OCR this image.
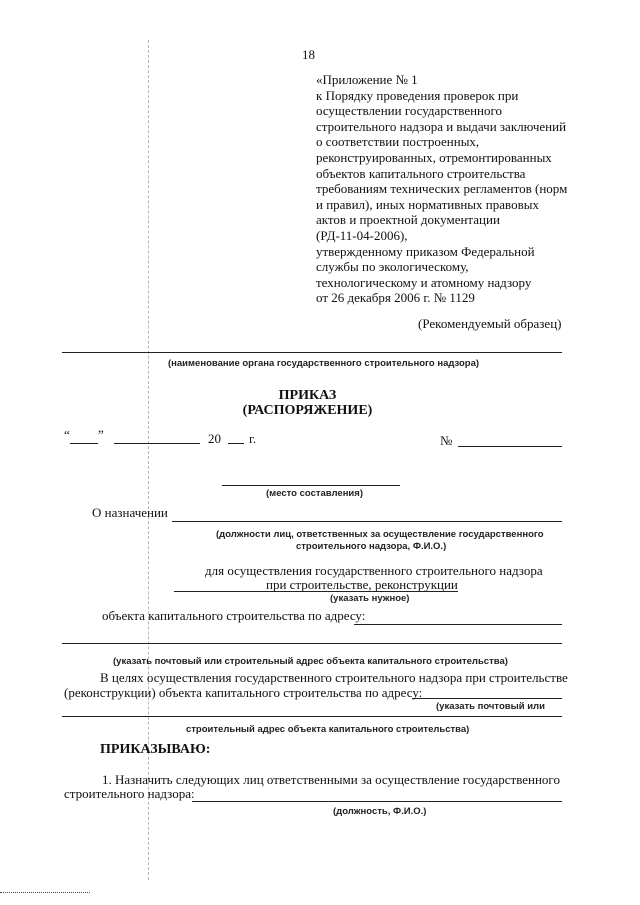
18
«Приложение № 1
к Порядку проведения проверок при
осуществлении государственного
строительного надзора и выдачи заключений
о соответствии построенных,
реконструированных, отремонтированных
объектов капитального строительства
требованиям технических регламентов (норм
и правил), иных нормативных правовых
актов и проектной документации
(РД-11-04-2006),
утвержденному приказом Федеральной
службы по экологическому,
технологическому и атомному надзору
от 26 декабря 2006 г. № 1129
(Рекомендуемый образец)
(наименование органа государственного строительного надзора)
ПРИКАЗ
(РАСПОРЯЖЕНИЕ)
“ ”	20 г.	№
(место составления)
О назначении
(должности лиц, ответственных за осуществление государственного
строительного надзора, Ф.И.О.)
для осуществления государственного строительного надзора
при строительстве, реконструкции
(указать нужное)
объекта капитального строительства по адресу:
(указать почтовый или строительный адрес объекта капитального строительства)
В целях осуществления государственного строительного надзора при строительстве
(реконструкции) объекта капитального строительства по адресу:
(указать почтовый или
строительный адрес объекта капитального строительства)
ПРИКАЗЫВАЮ:
1. Назначить следующих лиц ответственными за осуществление государственного
строительного надзора:
(должность, Ф.И.О.)
